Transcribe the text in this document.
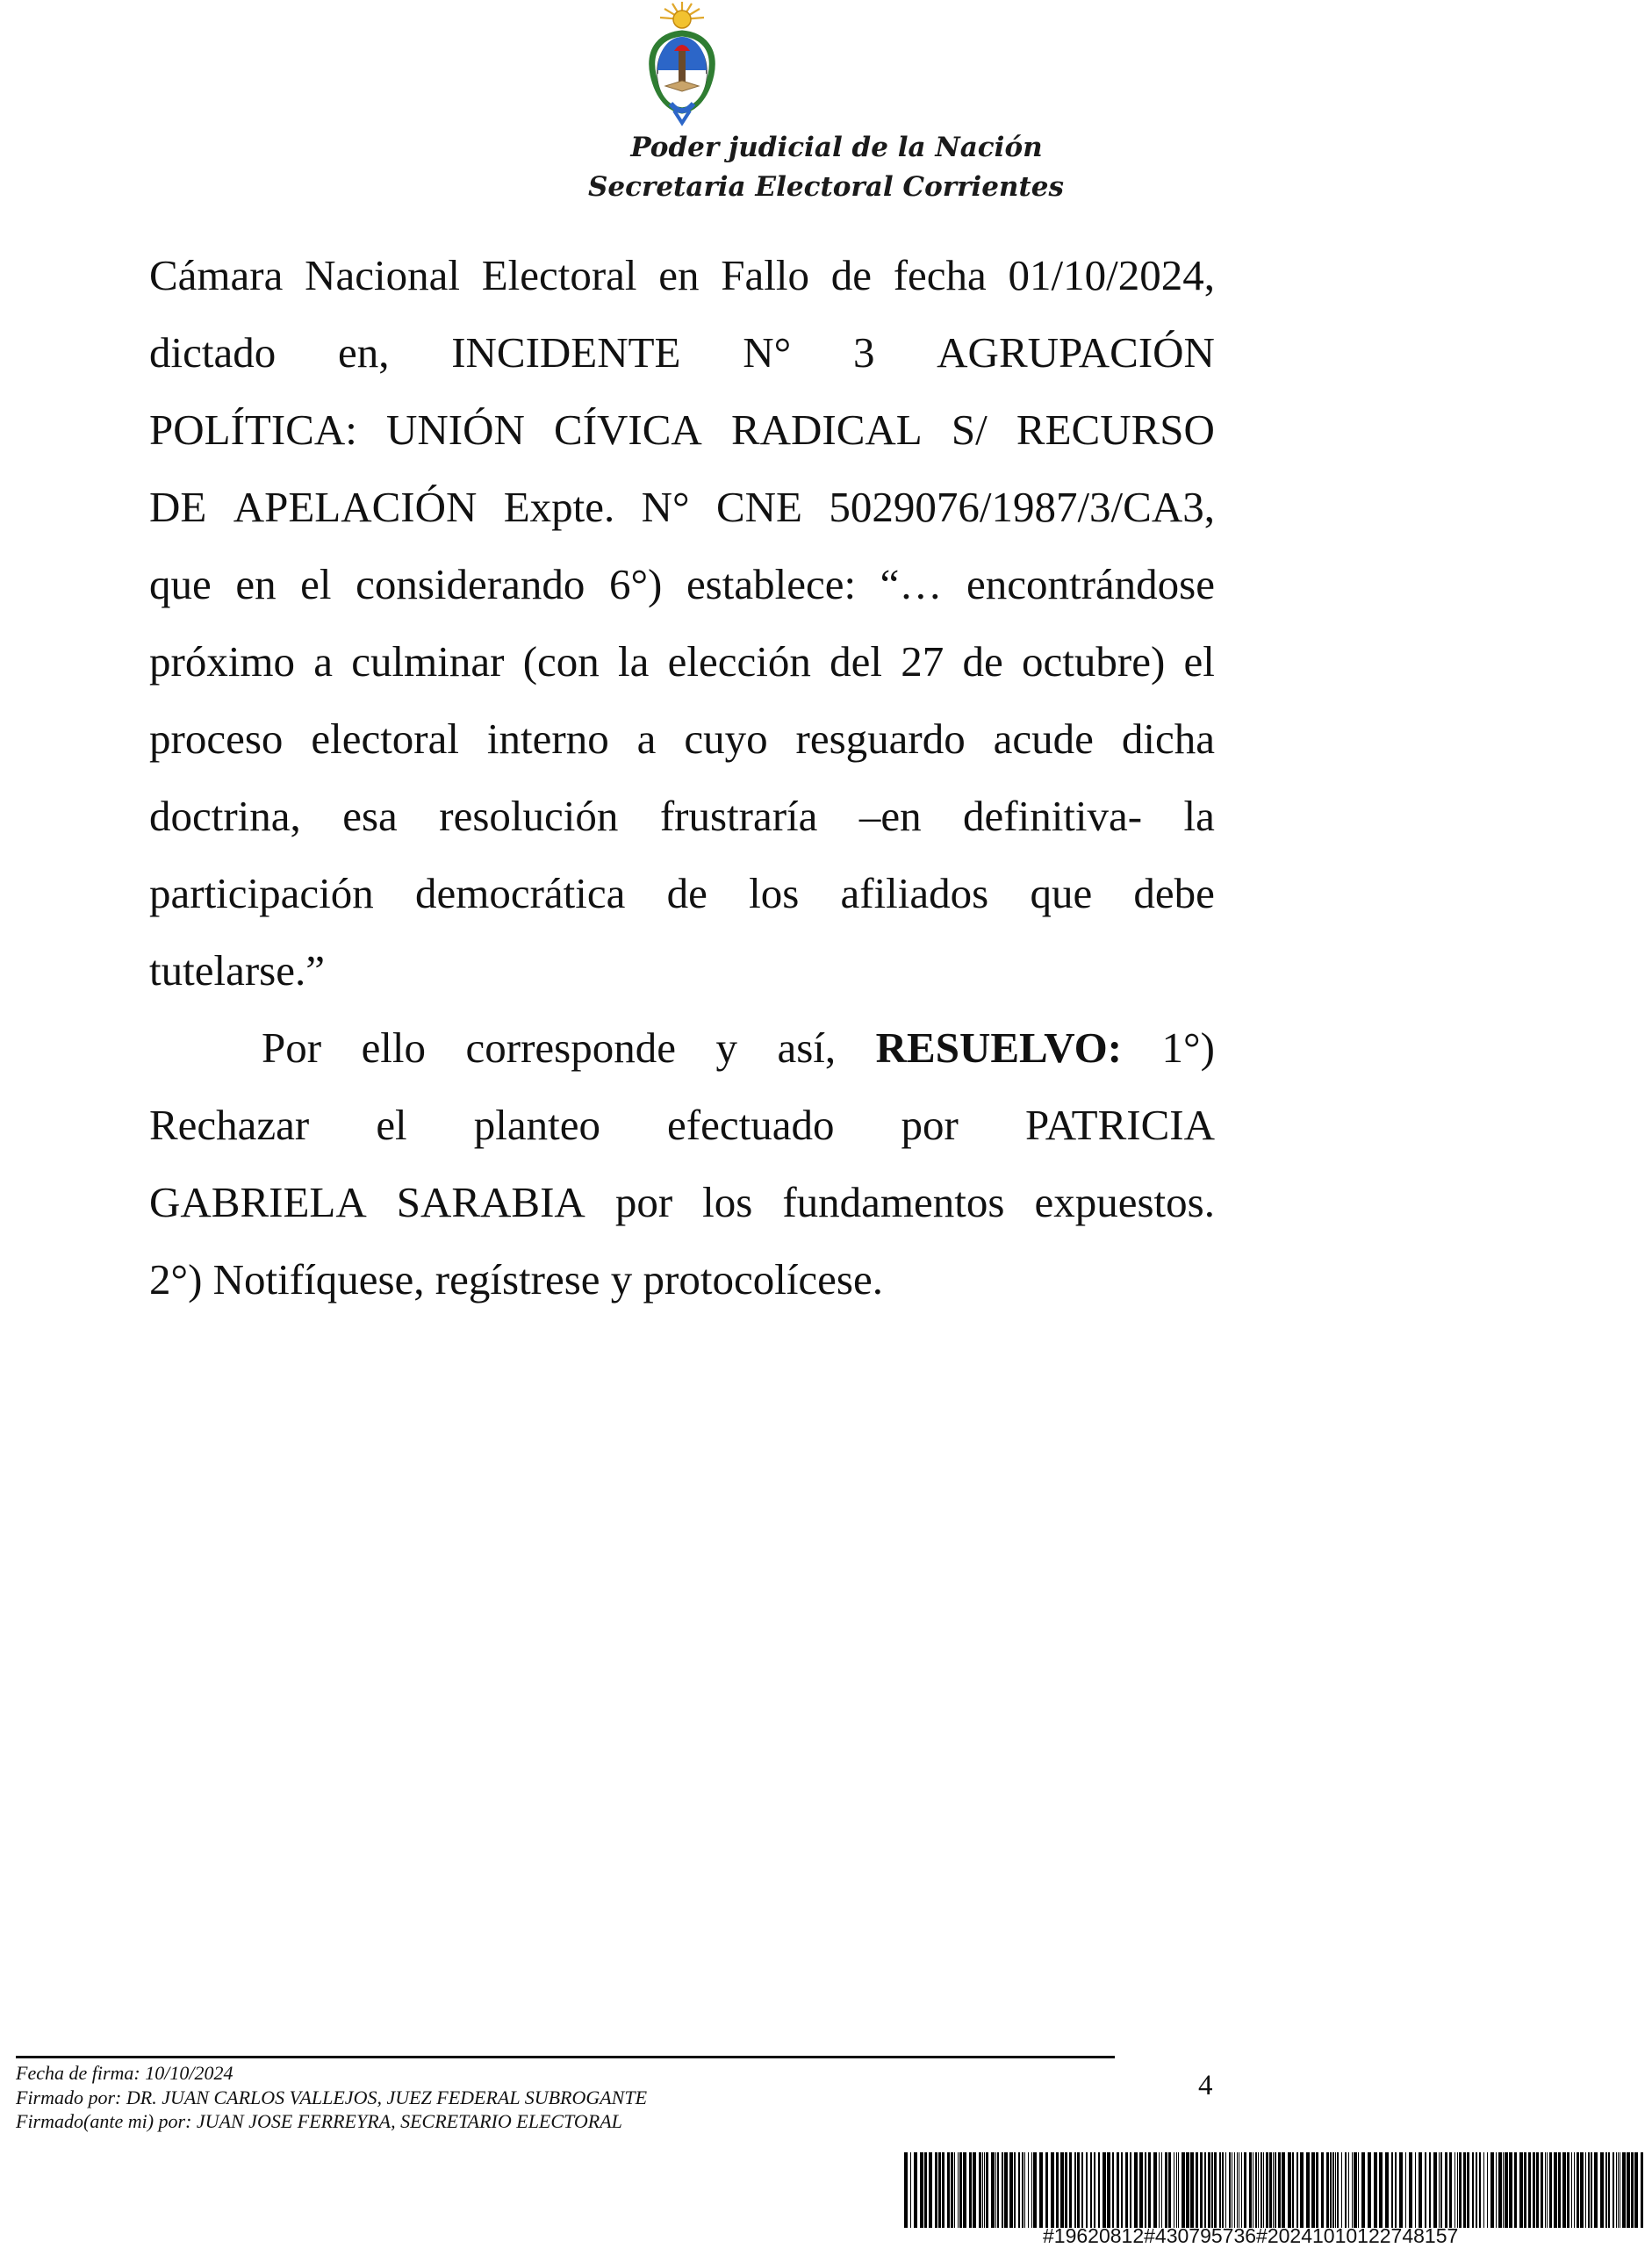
Poder judicial de la Nación
Secretaria Electoral Corrientes
Cámara Nacional Electoral en Fallo de fecha 01/10/2024,
dictado en, INCIDENTE N° 3 AGRUPACIÓN
POLÍTICA: UNIÓN CÍVICA RADICAL S/ RECURSO
DE APELACIÓN Expte. N° CNE 5029076/1987/3/CA3,
que en el considerando 6°) establece: “… encontrándose
próximo a culminar (con la elección del 27 de octubre) el
proceso electoral interno a cuyo resguardo acude dicha
doctrina, esa resolución frustraría –en definitiva- la
participación democrática de los afiliados que debe
tutelarse.”
Por ello corresponde y así, RESUELVO: 1°)
Rechazar el planteo efectuado por PATRICIA
GABRIELA SARABIA por los fundamentos expuestos.
2°) Notifíquese, regístrese y protocolícese.
Fecha de firma: 10/10/2024
Firmado por: DR. JUAN CARLOS VALLEJOS, JUEZ FEDERAL SUBROGANTE
Firmado(ante mi) por: JUAN JOSE FERREYRA, SECRETARIO ELECTORAL
4
#19620812#430795736#20241010122748157
